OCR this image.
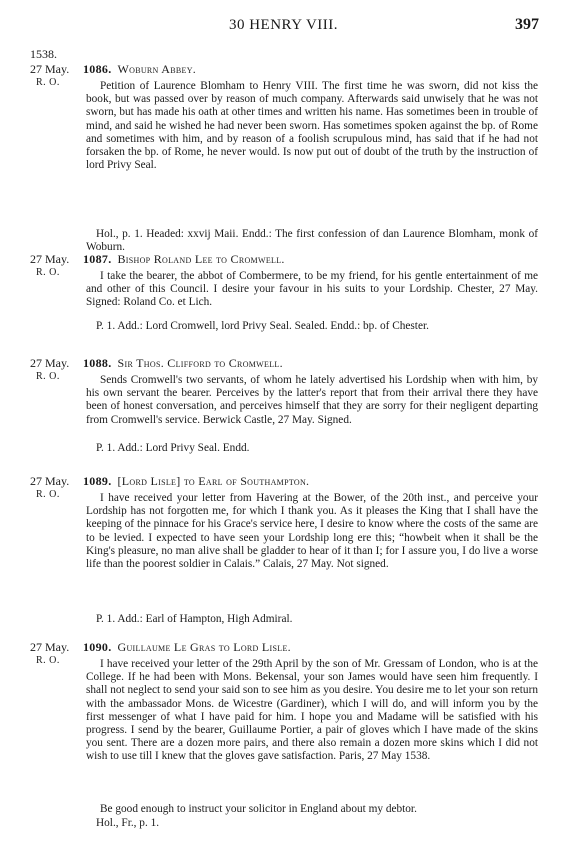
30 HENRY VIII.	397
1538.
27 May.
R. O.
1086. Woburn Abbey.
Petition of Laurence Blomham to Henry VIII. The first time he was sworn, did not kiss the book, but was passed over by reason of much company. Afterwards said unwisely that he was not sworn, but has made his oath at other times and written his name. Has sometimes been in trouble of mind, and said he wished he had never been sworn. Has sometimes spoken against the bp. of Rome and sometimes with him, and by reason of a foolish scrupulous mind, has said that if he had not forsaken the bp. of Rome, he never would. Is now put out of doubt of the truth by the instruction of lord Privy Seal.
Hol., p. 1. Headed: xxvij Maii. Endd.: The first confession of dan Laurence Blomham, monk of Woburn.
27 May.
R. O.
1087. Bishop Roland Lee to Cromwell.
I take the bearer, the abbot of Combermere, to be my friend, for his gentle entertainment of me and other of this Council. I desire your favour in his suits to your Lordship. Chester, 27 May. Signed: Roland Co. et Lich.
P. 1. Add.: Lord Cromwell, lord Privy Seal. Sealed. Endd.: bp. of Chester.
27 May.
R. O.
1088. Sir Thos. Clifford to Cromwell.
Sends Cromwell's two servants, of whom he lately advertised his Lordship when with him, by his own servant the bearer. Perceives by the latter's report that from their arrival there they have been of honest conversation, and perceives himself that they are sorry for their negligent departing from Cromwell's service. Berwick Castle, 27 May. Signed.
P. 1. Add.: Lord Privy Seal. Endd.
27 May.
R. O.
1089. [Lord Lisle] to Earl of Southampton.
I have received your letter from Havering at the Bower, of the 20th inst., and perceive your Lordship has not forgotten me, for which I thank you. As it pleases the King that I shall have the keeping of the pinnace for his Grace's service here, I desire to know where the costs of the same are to be levied. I expected to have seen your Lordship long ere this; “howbeit when it shall be the King's pleasure, no man alive shall be gladder to hear of it than I; for I assure you, I do live a worse life than the poorest soldier in Calais.” Calais, 27 May. Not signed.
P. 1. Add.: Earl of Hampton, High Admiral.
27 May.
R. O.
1090. Guillaume Le Gras to Lord Lisle.
I have received your letter of the 29th April by the son of Mr. Gressam of London, who is at the College. If he had been with Mons. Bekensal, your son James would have seen him frequently. I shall not neglect to send your said son to see him as you desire. You desire me to let your son return with the ambassador Mons. de Wicestre (Gardiner), which I will do, and will inform you by the first messenger of what I have paid for him. I hope you and Madame will be satisfied with his progress. I send by the bearer, Guillaume Portier, a pair of gloves which I have made of the skins you sent. There are a dozen more pairs, and there also remain a dozen more skins which I did not wish to use till I knew that the gloves gave satisfaction. Paris, 27 May 1538.
Be good enough to instruct your solicitor in England about my debtor.
Hol., Fr., p. 1.
